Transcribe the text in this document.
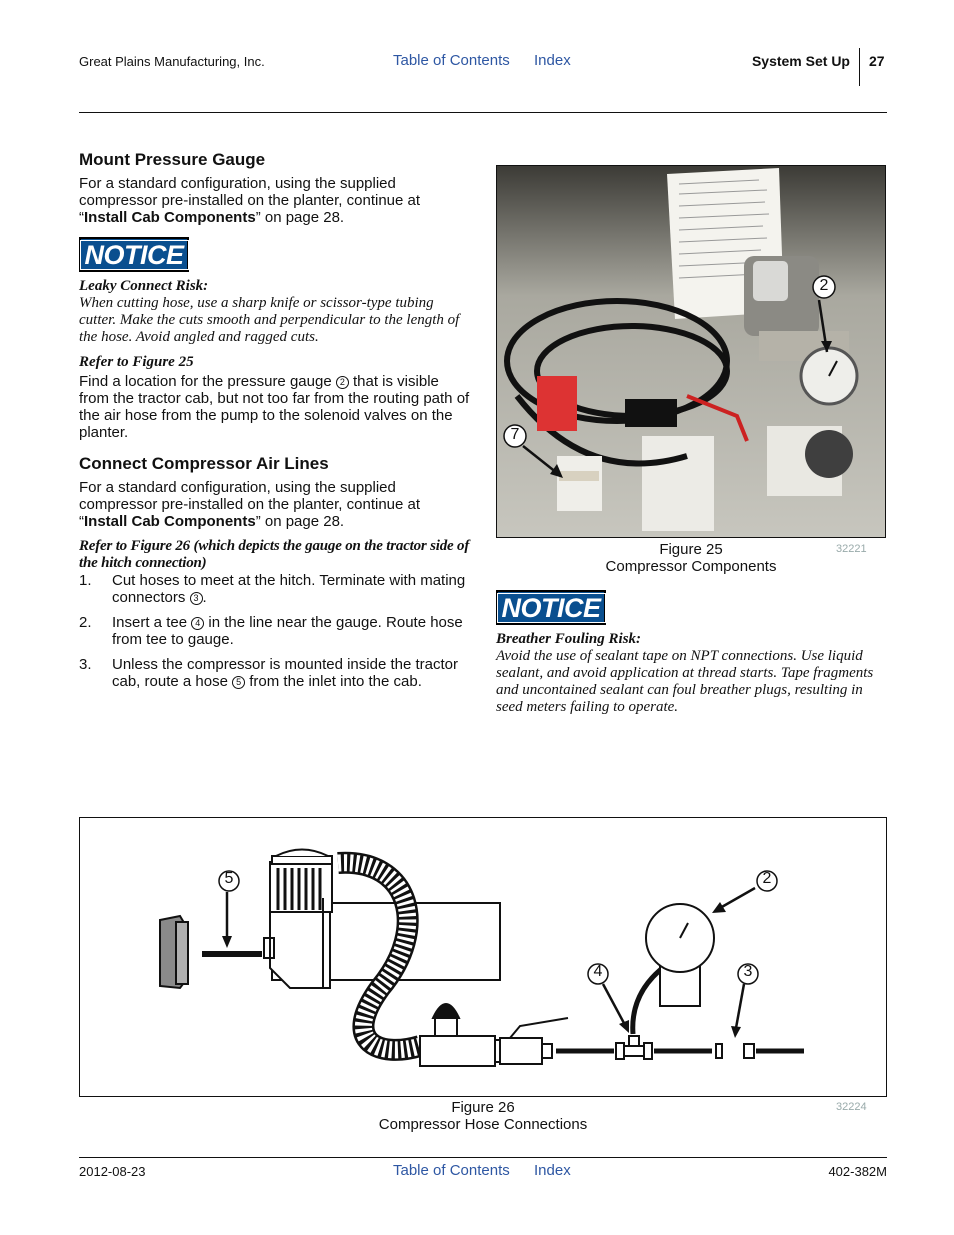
Great Plains Manufacturing, Inc.	Table of Contents Index	System Set Up 27
Mount Pressure Gauge
For a standard configuration, using the supplied compressor pre-installed on the planter, continue at “Install Cab Components” on page 28.
NOTICE
Leaky Connect Risk:
When cutting hose, use a sharp knife or scissor-type tubing cutter. Make the cuts smooth and perpendicular to the length of the hose. Avoid angled and ragged cuts.
Refer to Figure 25
Find a location for the pressure gauge 2 that is visible from the tractor cab, but not too far from the routing path of the air hose from the pump to the solenoid valves on the planter.
Connect Compressor Air Lines
For a standard configuration, using the supplied compressor pre-installed on the planter, continue at “Install Cab Components” on page 28.
Refer to Figure 26 (which depicts the gauge on the tractor side of the hitch connection)
1. Cut hoses to meet at the hitch. Terminate with mating connectors 3 .
2. Insert a tee 4 in the line near the gauge. Route hose from tee to gauge.
3. Unless the compressor is mounted inside the tractor cab, route a hose 5 from the inlet into the cab.
2
7
Figure 25
Compressor Components
32221
NOTICE
Breather Fouling Risk:
Avoid the use of sealant tape on NPT connections. Use liquid sealant, and avoid application at thread starts. Tape fragments and uncontained sealant can foul breather plugs, resulting in seed meters failing to operate.
5	2
4	3
Figure 26
Compressor Hose Connections
32224
2012-08-23	Table of Contents Index	402-382M
